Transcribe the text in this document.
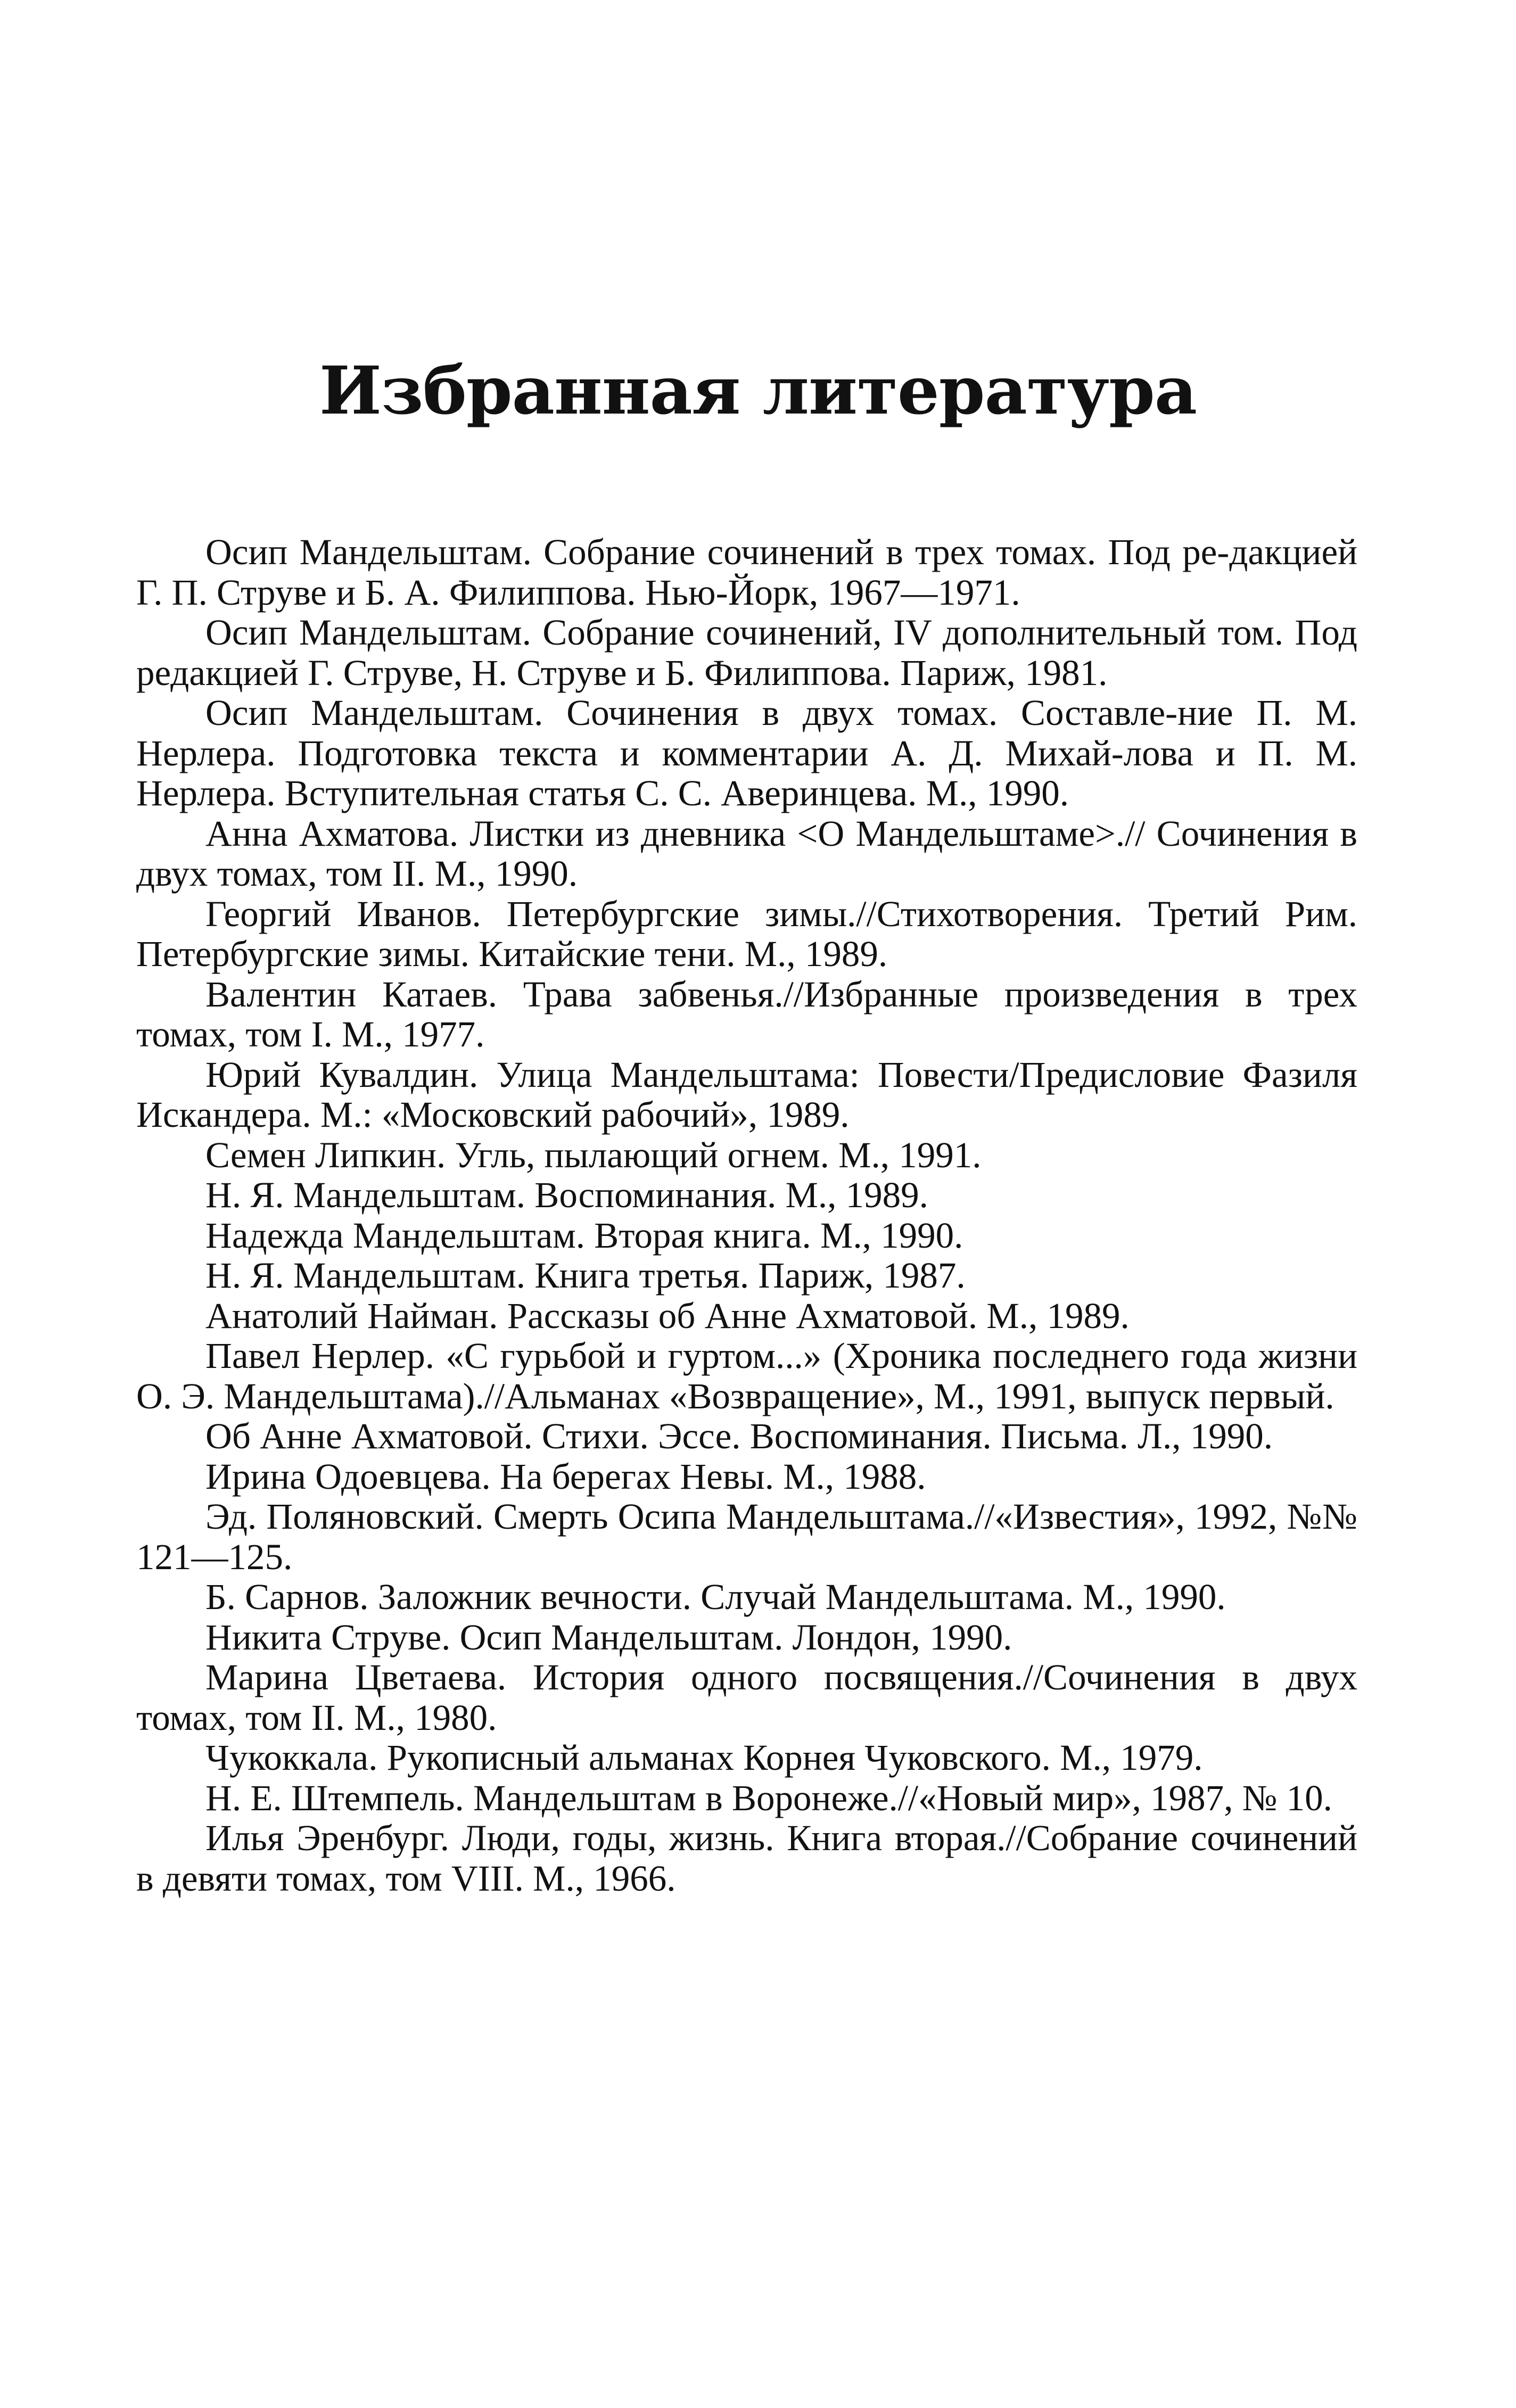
Избранная литература
Осип Мандельштам. Собрание сочинений в трех томах. Под ре-дакцией Г. П. Струве и Б. А. Филиппова. Нью-Йорк, 1967—1971.
Осип Мандельштам. Собрание сочинений, IV дополнительный том. Под редакцией Г. Струве, Н. Струве и Б. Филиппова. Париж, 1981.
Осип Мандельштам. Сочинения в двух томах. Составле-ние П. М. Нерлера. Подготовка текста и комментарии А. Д. Михай-лова и П. М. Нерлера. Вступительная статья С. С. Аверинцева. М., 1990.
Анна Ахматова. Листки из дневника <О Мандельштаме>.// Сочинения в двух томах, том II. М., 1990.
Георгий Иванов. Петербургские зимы.//Стихотворения. Третий Рим. Петербургские зимы. Китайские тени. М., 1989.
Валентин Катаев. Трава забвенья.//Избранные произведения в трех томах, том I. М., 1977.
Юрий Кувалдин. Улица Мандельштама: Повести/Предисловие Фазиля Искандера. М.: «Московский рабочий», 1989.
Семен Липкин. Угль, пылающий огнем. М., 1991.
Н. Я. Мандельштам. Воспоминания. М., 1989.
Надежда Мандельштам. Вторая книга. М., 1990.
Н. Я. Мандельштам. Книга третья. Париж, 1987.
Анатолий Найман. Рассказы об Анне Ахматовой. М., 1989.
Павел Нерлер. «С гурьбой и гуртом...» (Хроника последнего года жизни О. Э. Мандельштама).//Альманах «Возвращение», М., 1991, выпуск первый.
Об Анне Ахматовой. Стихи. Эссе. Воспоминания. Письма. Л., 1990.
Ирина Одоевцева. На берегах Невы. М., 1988.
Эд. Поляновский. Смерть Осипа Мандельштама.//«Известия», 1992, №№ 121—125.
Б. Сарнов. Заложник вечности. Случай Мандельштама. М., 1990.
Никита Струве. Осип Мандельштам. Лондон, 1990.
Марина Цветаева. История одного посвящения.//Сочинения в двух томах, том II. М., 1980.
Чукоккала. Рукописный альманах Корнея Чуковского. М., 1979.
Н. Е. Штемпель. Мандельштам в Воронеже.//«Новый мир», 1987, № 10.
Илья Эренбург. Люди, годы, жизнь. Книга вторая.//Собрание сочинений в девяти томах, том VIII. М., 1966.
